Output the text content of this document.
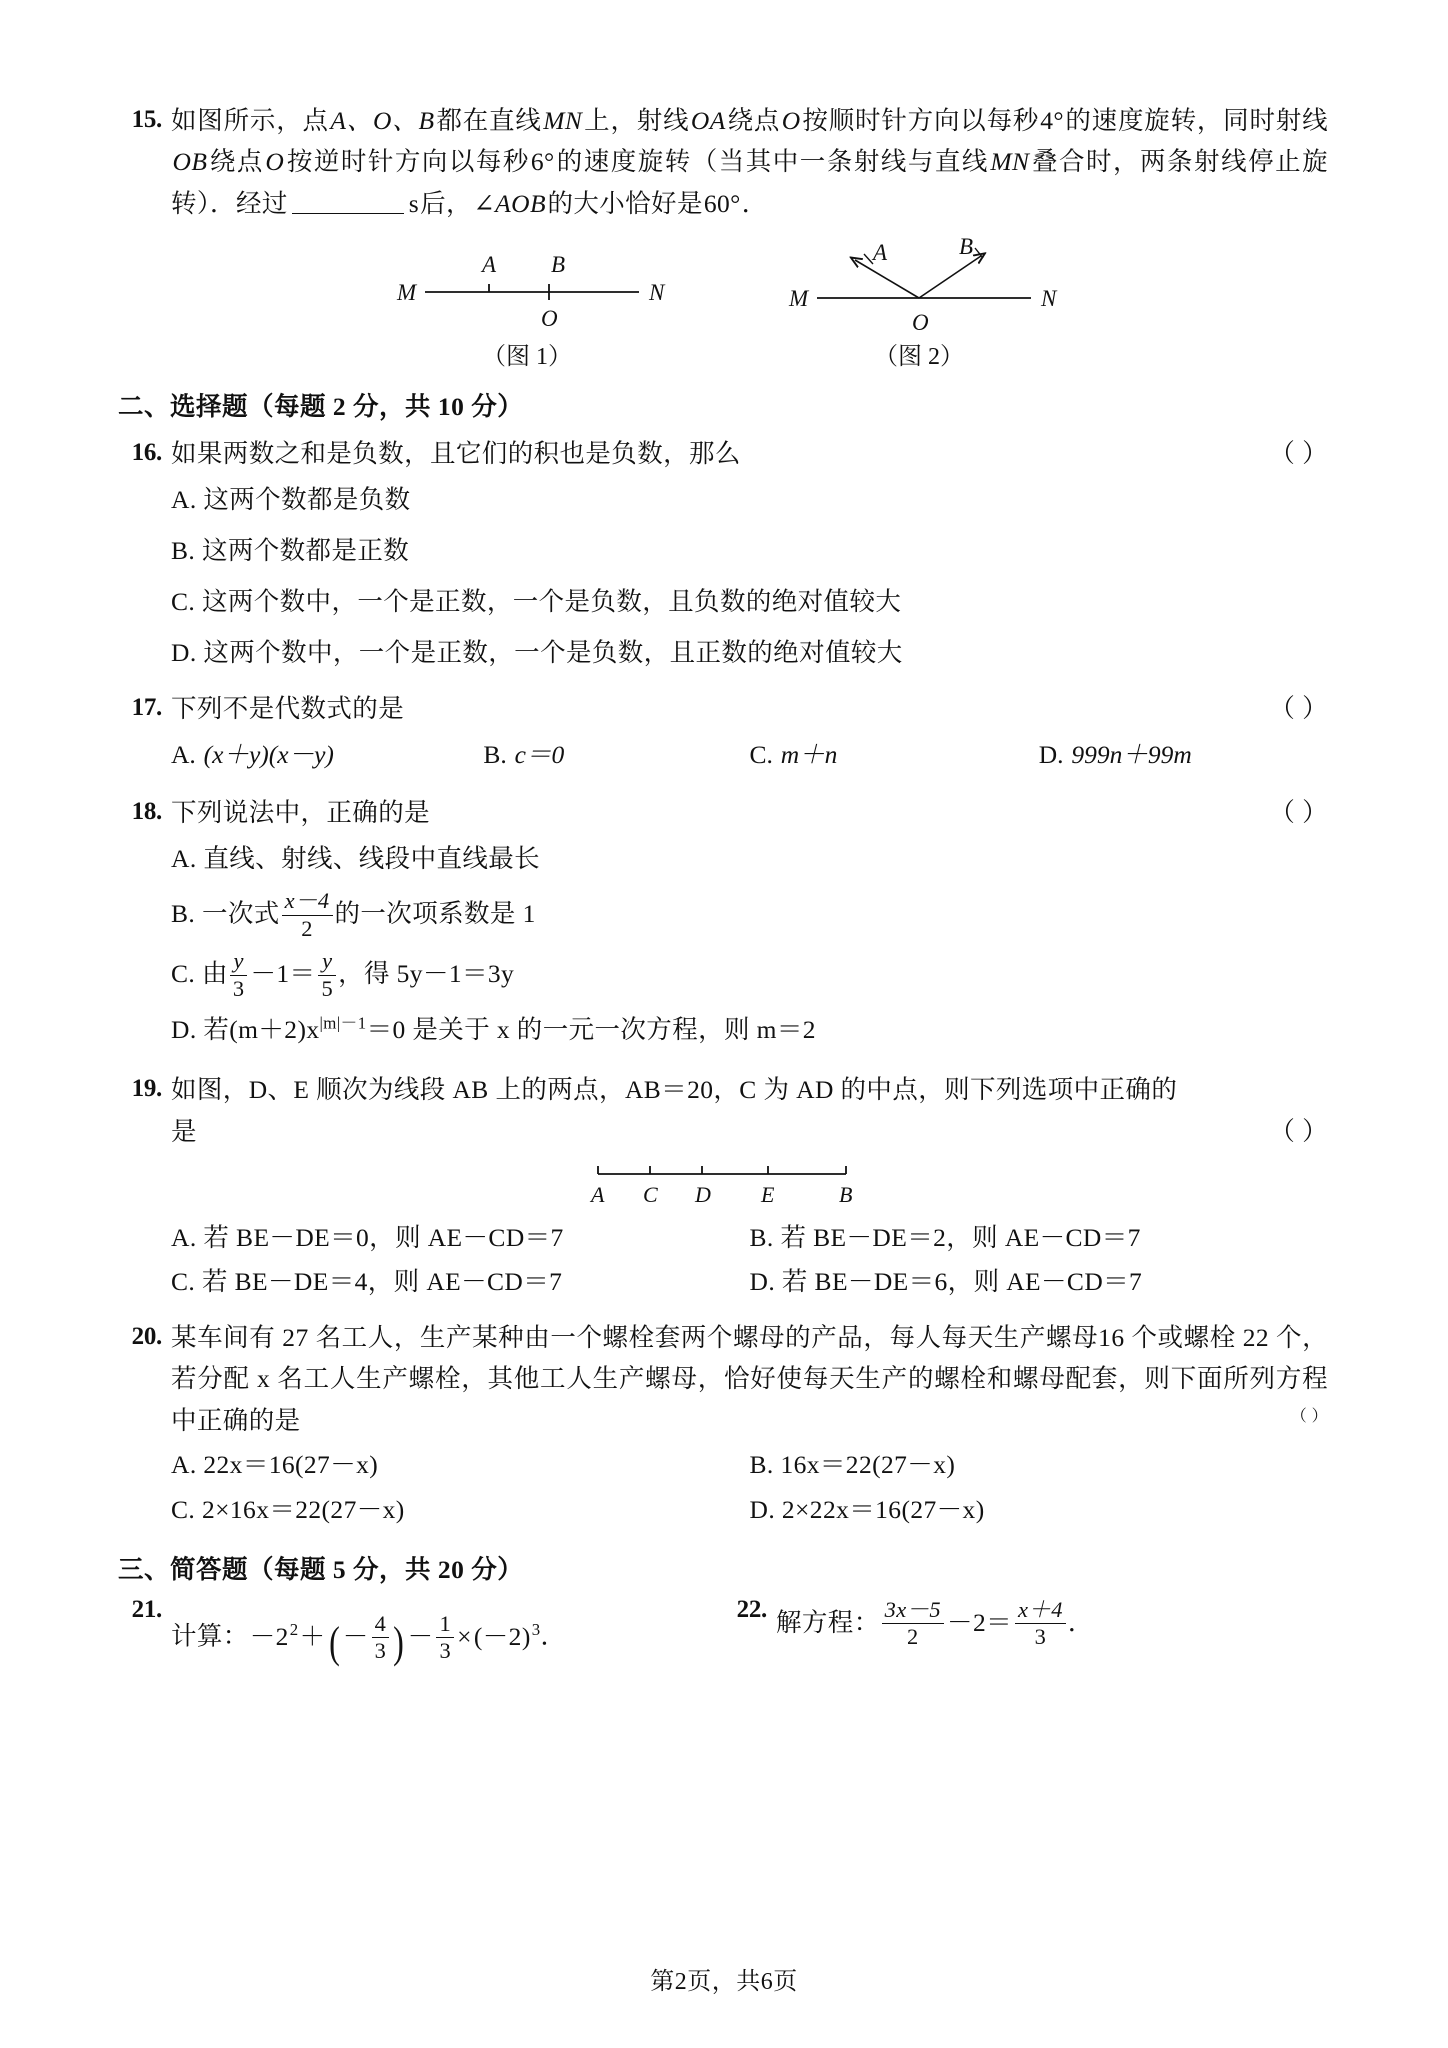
15. 如图所示，点A、O、B都在直线MN上，射线OA绕点O按顺时针方向以每秒4°的速度旋转，同时射线OB绕点O按逆时针方向以每秒6°的速度旋转（当其中一条射线与直线MN叠合时，两条射线停止旋转）．经过	s后，∠AOB的大小恰好是60°．
M
A
O
B
N
（图 1）
M
A
O
B
N
（图 2）
二、选择题（每题 2 分，共 10 分）
16. 如果两数之和是负数，且它们的积也是负数，那么	（ ）
A. 这两个数都是负数
B. 这两个数都是正数
C. 这两个数中，一个是正数，一个是负数，且负数的绝对值较大
D. 这两个数中，一个是正数，一个是负数，且正数的绝对值较大
17. 下列不是代数式的是	（ ）
A. (x＋y)(x－y)	B. c＝0	C. m＋n	D. 999n＋99m
18. 下列说法中，正确的是	（ ）
A. 直线、射线、线段中直线最长
B. 一次式 $\frac{x-4}{2}$ 的一次项系数是 1
C. 由 $\frac{y}{3} -1= \frac{y}{5}$ ，得 5y－1＝3y
D. 若$(m+2)x^{|m|-1}=0$ 是关于 x 的一元一次方程，则 m＝2
19. 如图，D、E 顺次为线段 AB 上的两点，AB＝20，C 为 AD 的中点，则下列选项中正确的
是	（ ）
A C D E	B
A. 若 BE－DE＝0，则 AE－CD＝7	B. 若 BE－DE＝2，则 AE－CD＝7
C. 若 BE－DE＝4，则 AE－CD＝7	D. 若 BE－DE＝6，则 AE－CD＝7
20. 某车间有 27 名工人，生产某种由一个螺栓套两个螺母的产品，每人每天生产螺母16 个或螺栓 22 个，若分配 x 名工人生产螺栓，其他工人生产螺母，恰好使每天生产的螺栓和螺母配套，则下面所列方程中正确的是	（ ）
A. 22x＝16(27－x)	B. 16x＝22(27－x)
C. 2×16x＝22(27－x)	D. 2×22x＝16(27－x)
三、简答题（每题 5 分，共 20 分）
21.
计算：$-2^2+( - \frac{4}{3}$ ) － $\frac{1}{3} \times(-2)^3$．
22. 解方程： $\frac{3x-5}{2} -2= \frac{x+4}{3}$ ．
第2页，共6页
